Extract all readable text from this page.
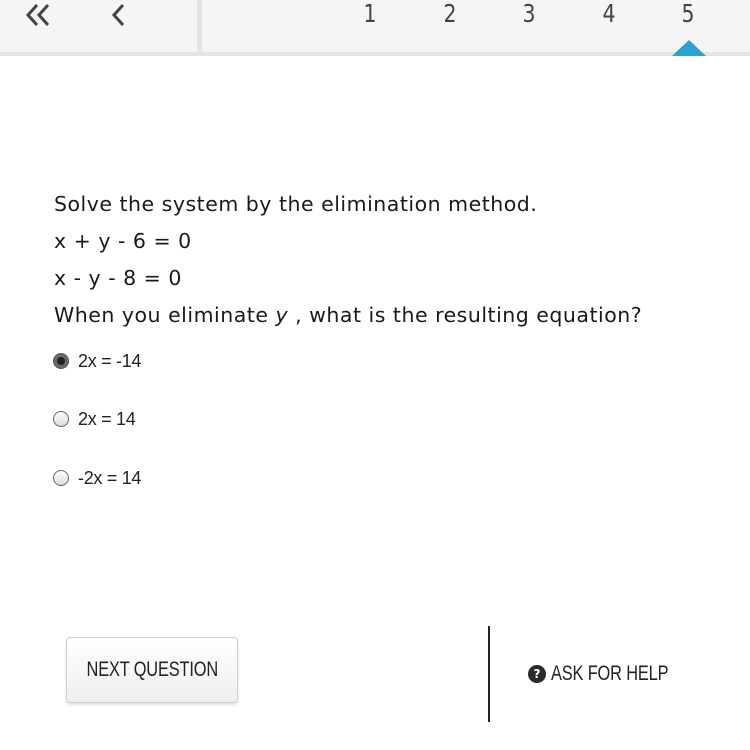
1	2	3	4	5
Solve the system by the elimination method.
x + y - 6 = 0
x - y - 8 = 0
When you eliminate y , what is the resulting equation?
2x = -14
2x = 14
-2x = 14
NEXT QUESTION	? ASK FOR HELP
